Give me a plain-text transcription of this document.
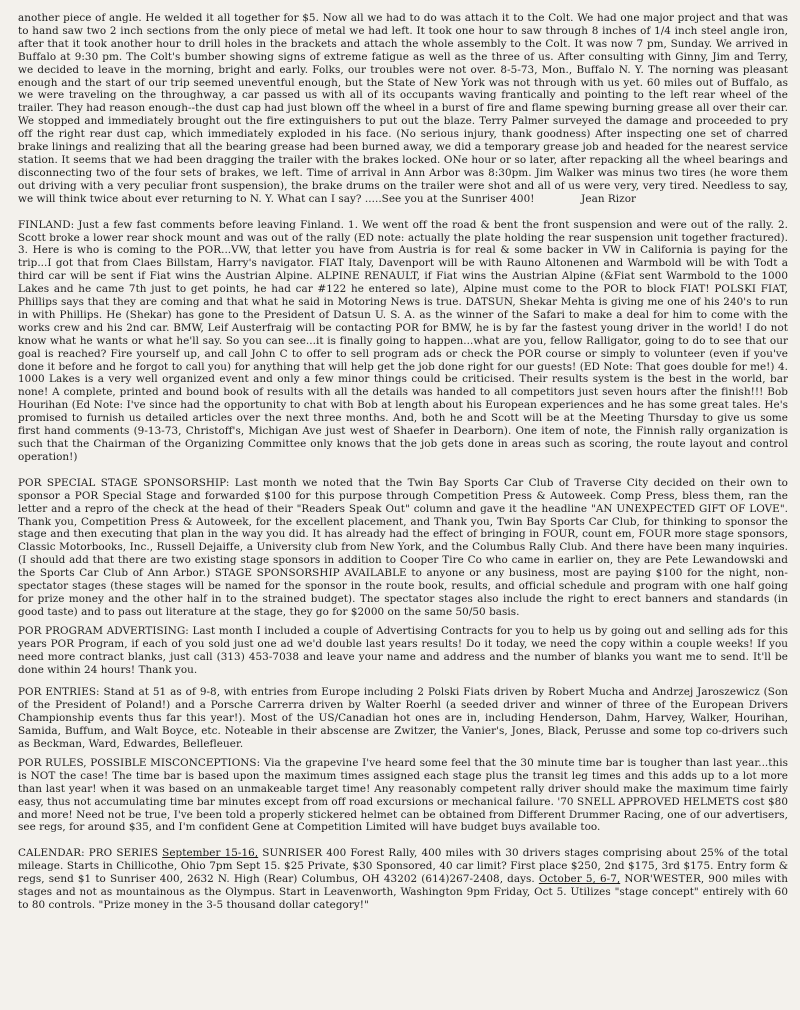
another piece of angle. He welded it all together for $5. Now all we had to do was attach it to the Colt. We had one major project and that was to hand saw two 2 inch sections from the only piece of metal we had left. It took one hour to saw through 8 inches of 1/4 inch steel angle iron, after that it took another hour to drill holes in the brackets and attach the whole assembly to the Colt. It was now 7 pm, Sunday. We arrived in Buffalo at 9:30 pm. The Colt's bumber showing signs of extreme fatigue as well as the three of us. After consulting with Ginny, Jim and Terry, we decided to leave in the morning, bright and early. Folks, our troubles were not over. 8-5-73, Mon., Buffalo N. Y. The norning was pleasant enough and the start of our trip seemed uneventful enough, but the State of New York was not through with us yet. 60 miles out of Buffalo, as we were traveling on the throughway, a car passed us with all of its occupants waving frantically and pointing to the left rear wheel of the trailer. They had reason enough--the dust cap had just blown off the wheel in a burst of fire and flame spewing burning grease all over their car. We stopped and immediately brought out the fire extinguishers to put out the blaze. Terry Palmer surveyed the damage and proceeded to pry off the right rear dust cap, which immediately exploded in his face. (No serious injury, thank goodness) After inspecting one set of charred brake linings and realizing that all the bearing grease had been burned away, we did a temporary grease job and headed for the nearest service station. It seems that we had been dragging the trailer with the brakes locked. ONe hour or so later, after repacking all the wheel bearings and disconnecting two of the four sets of brakes, we left. Time of arrival in Ann Arbor was 8:30pm. Jim Walker was minus two tires (he wore them out driving with a very peculiar front suspension), the brake drums on the trailer were shot and all of us were very, very tired. Needless to say, we will think twice about ever returning to N. Y. What can I say? .....See you at the Sunriser 400!	Jean Rizor

FINLAND: Just a few fast comments before leaving Finland. 1. We went off the road & bent the front suspension and were out of the rally. 2. Scott broke a lower rear shock mount and was out of the rally (ED note: actually the plate holding the rear suspension unit together fractured). 3. Here is who is coming to the POR...VW, that letter you have from Austria is for real & some backer in VW in California is paying for the trip...I got that from Claes Billstam, Harry's navigator. FIAT Italy, Davenport will be with Rauno Altonenen and Warmbold will be with Todt a third car will be sent if Fiat wins the Austrian Alpine. ALPINE RENAULT, if Fiat wins the Austrian Alpine (&Fiat sent Warmbold to the 1000 Lakes and he came 7th just to get points, he had car #122 he entered so late), Alpine must come to the POR to block FIAT! POLSKI FIAT, Phillips says that they are coming and that what he said in Motoring News is true. DATSUN, Shekar Mehta is giving me one of his 240's to run in with Phillips. He (Shekar) has gone to the President of Datsun U. S. A. as the winner of the Safari to make a deal for him to come with the works crew and his 2nd car. BMW, Leif Austerfraig will be contacting POR for BMW, he is by far the fastest young driver in the world! I do not know what he wants or what he'll say. So you can see...it is finally going to happen...what are you, fellow Ralligator, going to do to see that our goal is reached? Fire yourself up, and call John C to offer to sell program ads or check the POR course or simply to volunteer (even if you've done it before and he forgot to call you) for anything that will help get the job done right for our guests! (ED Note: That goes double for me!) 4. 1000 Lakes is a very well organized event and only a few minor things could be criticised. Their results system is the best in the world, bar none! A complete, printed and bound book of results with all the details was handed to all competitors just seven hours after the finish!!! Bob Hourihan (Ed Note: I've since had the opportunity to chat with Bob at length about his European experiences and he has some great tales. He's promised to furnish us detailed articles over the next three months. And, both he and Scott will be at the Meeting Thursday to give us some first hand comments (9-13-73, Christoff's, Michigan Ave just west of Shaefer in Dearborn). One item of note, the Finnish rally organization is such that the Chairman of the Organizing Committee only knows that the job gets done in areas such as scoring, the route layout and control operation!)

POR SPECIAL STAGE SPONSORSHIP: Last month we noted that the Twin Bay Sports Car Club of Traverse City decided on their own to sponsor a POR Special Stage and forwarded $100 for this purpose through Competition Press & Autoweek. Comp Press, bless them, ran the letter and a repro of the check at the head of their "Readers Speak Out" column and gave it the headline "AN UNEXPECTED GIFT OF LOVE". Thank you, Competition Press & Autoweek, for the excellent placement, and Thank you, Twin Bay Sports Car Club, for thinking to sponsor the stage and then executing that plan in the way you did. It has already had the effect of bringing in FOUR, count em, FOUR more stage sponsors, Classic Motorbooks, Inc., Russell Dejaiffe, a University club from New York, and the Columbus Rally Club. And there have been many inquiries. (I should add that there are two existing stage sponsors in addition to Cooper Tire Co who came in earlier on, they are Pete Lewandowski and the Sports Car Club of Ann Arbor.) STAGE SPONSORSHIP AVAILABLE to anyone or any business, most are paying $100 for the night, non-spectator stages (these stages will be named for the sponsor in the route book, results, and official schedule and program with one half going for prize money and the other half in to the strained budget). The spectator stages also include the right to erect banners and standards (in good taste) and to pass out literature at the stage, they go for $2000 on the same 50/50 basis.

POR PROGRAM ADVERTISING: Last month I included a couple of Advertising Contracts for you to help us by going out and selling ads for this years POR Program, if each of you sold just one ad we'd double last years results! Do it today, we need the copy within a couple weeks! If you need more contract blanks, just call (313) 453-7038 and leave your name and address and the number of blanks you want me to send. It'll be done within 24 hours! Thank you.

POR ENTRIES: Stand at 51 as of 9-8, with entries from Europe including 2 Polski Fiats driven by Robert Mucha and Andrzej Jaroszewicz (Son of the President of Poland!) and a Porsche Carrerra driven by Walter Roerhl (a seeded driver and winner of three of the European Drivers Championship events thus far this year!). Most of the US/Canadian hot ones are in, including Henderson, Dahm, Harvey, Walker, Hourihan, Samida, Buffum, and Walt Boyce, etc. Noteable in their abscense are Zwitzer, the Vanier's, Jones, Black, Perusse and some top co-drivers such as Beckman, Ward, Edwardes, Bellefleuer.

POR RULES, POSSIBLE MISCONCEPTIONS: Via the grapevine I've heard some feel that the 30 minute time bar is tougher than last year...this is NOT the case! The time bar is based upon the maximum times assigned each stage plus the transit leg times and this adds up to a lot more than last year! when it was based on an unmakeable target time! Any reasonably competent rally driver should make the maximum time fairly easy, thus not accumulating time bar minutes except from off road excursions or mechanical failure. '70 SNELL APPROVED HELMETS cost $80 and more! Need not be true, I've been told a properly stickered helmet can be obtained from Different Drummer Racing, one of our advertisers, see regs, for around $35, and I'm confident Gene at Competition Limited will have budget buys available too.

CALENDAR: PRO SERIES September 15-16, SUNRISER 400 Forest Rally, 400 miles with 30 drivers stages comprising about 25% of the total mileage. Starts in Chillicothe, Ohio 7pm Sept 15. $25 Private, $30 Sponsored, 40 car limit? First place $250, 2nd $175, 3rd $175. Entry form & regs, send $1 to Sunriser 400, 2632 N. High (Rear) Columbus, OH 43202 (614)267-2408, days. October 5, 6-7, NOR'WESTER, 900 miles with stages and not as mountainous as the Olympus. Start in Leavenworth, Washington 9pm Friday, Oct 5. Utilizes "stage concept" entirely with 60 to 80 controls. "Prize money in the 3-5 thousand dollar category!"
